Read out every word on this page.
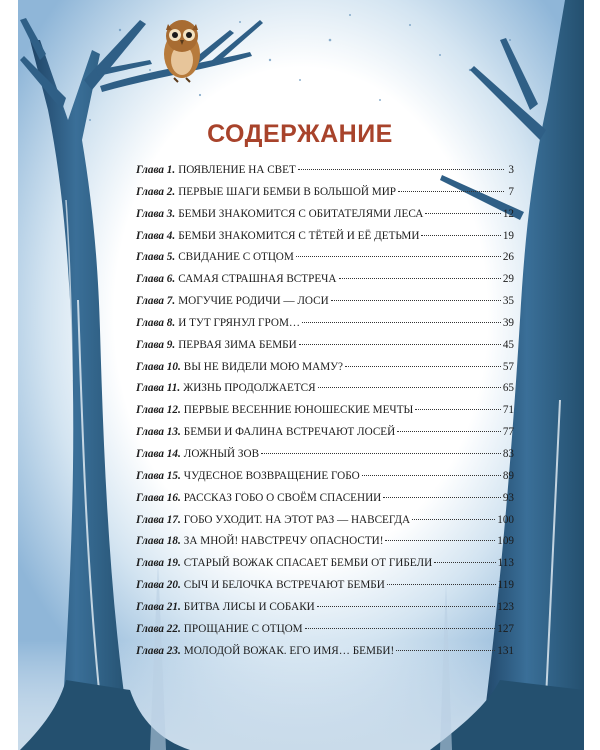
СОДЕРЖАНИЕ
Глава 1. ПОЯВЛЕНИЕ НА СВЕТ	3
Глава 2. ПЕРВЫЕ ШАГИ БЕМБИ В БОЛЬШОЙ МИР	7
Глава 3. БЕМБИ ЗНАКОМИТСЯ С ОБИТАТЕЛЯМИ ЛЕСА	12
Глава 4. БЕМБИ ЗНАКОМИТСЯ С ТЁТЕЙ И ЕЁ ДЕТЬМИ	19
Глава 5. СВИДАНИЕ С ОТЦОМ	26
Глава 6. САМАЯ СТРАШНАЯ ВСТРЕЧА	29
Глава 7. МОГУЧИЕ РОДИЧИ — ЛОСИ	35
Глава 8. И ТУТ ГРЯНУЛ ГРОМ…	39
Глава 9. ПЕРВАЯ ЗИМА БЕМБИ	45
Глава 10. ВЫ НЕ ВИДЕЛИ МОЮ МАМУ?	57
Глава 11. ЖИЗНЬ ПРОДОЛЖАЕТСЯ	65
Глава 12. ПЕРВЫЕ ВЕСЕННИЕ ЮНОШЕСКИЕ МЕЧТЫ	71
Глава 13. БЕМБИ И ФАЛИНА ВСТРЕЧАЮТ ЛОСЕЙ	77
Глава 14. ЛОЖНЫЙ ЗОВ	83
Глава 15. ЧУДЕСНОЕ ВОЗВРАЩЕНИЕ ГОБО	89
Глава 16. РАССКАЗ ГОБО О СВОЁМ СПАСЕНИИ	93
Глава 17. ГОБО УХОДИТ. НА ЭТОТ РАЗ — НАВСЕГДА	100
Глава 18. ЗА МНОЙ! НАВСТРЕЧУ ОПАСНОСТИ!	109
Глава 19. СТАРЫЙ ВОЖАК СПАСАЕТ БЕМБИ ОТ ГИБЕЛИ	113
Глава 20. СЫЧ И БЕЛОЧКА ВСТРЕЧАЮТ БЕМБИ	119
Глава 21. БИТВА ЛИСЫ И СОБАКИ	123
Глава 22. ПРОЩАНИЕ С ОТЦОМ	127
Глава 23. МОЛОДОЙ ВОЖАК. ЕГО ИМЯ… БЕМБИ!	131
